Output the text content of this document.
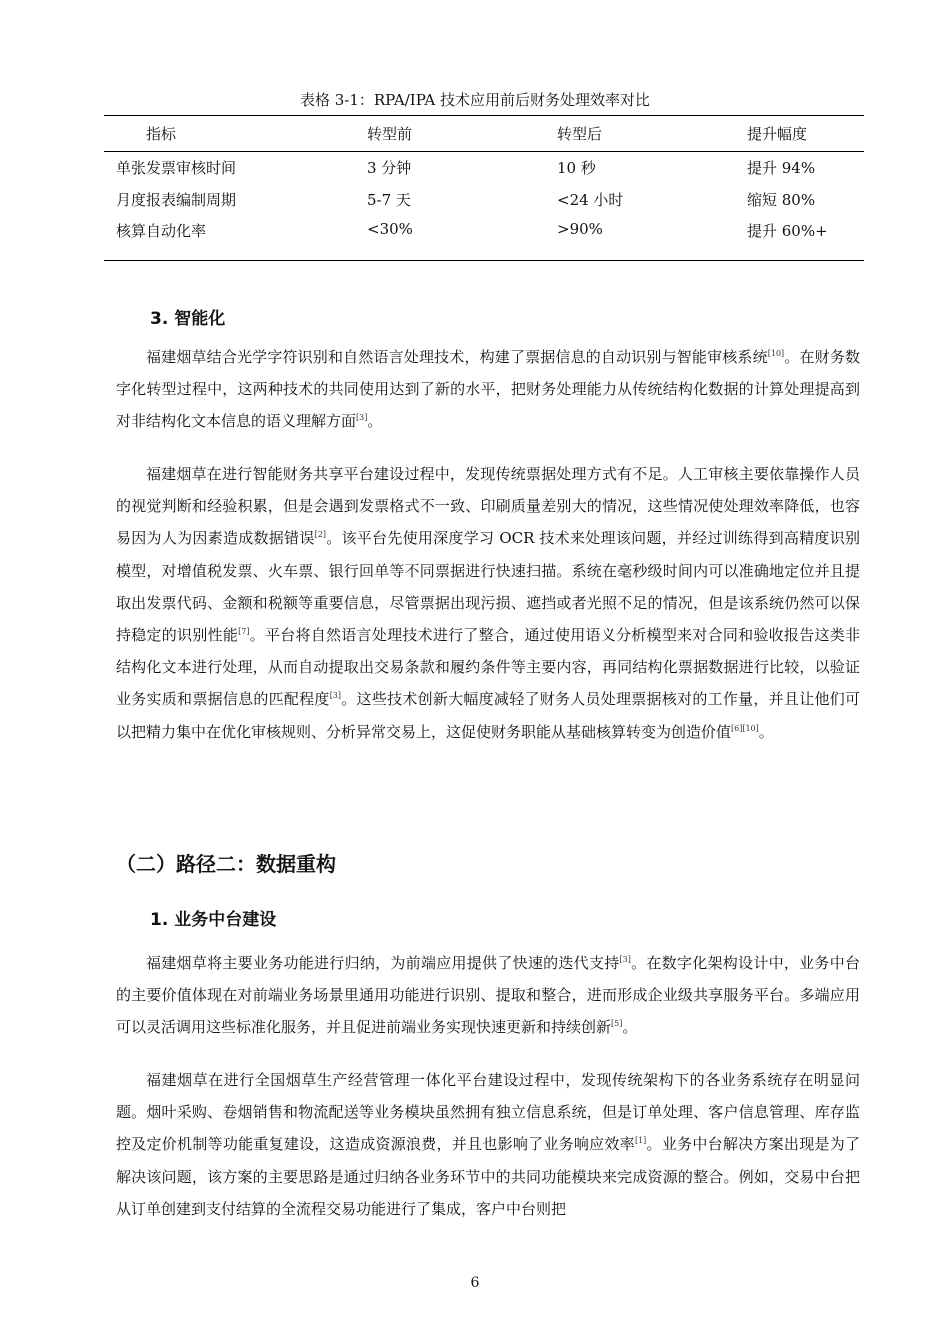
表格 3-1：RPA/IPA 技术应用前后财务处理效率对比
指标	转型前	转型后	提升幅度
单张发票审核时间	3 分钟	10 秒	提升 94%
月度报表编制周期	5-7 天	<24 小时	缩短 80%
核算自动化率	<30%	>90%	提升 60%+
3. 智能化

福建烟草结合光学字符识别和自然语言处理技术，构建了票据信息的自动识别与智能审核系统[10]。在财务数字化转型过程中，这两种技术的共同使用达到了新的水平，把财务处理能力从传统结构化数据的计算处理提高到对非结构化文本信息的语义理解方面[3]。

福建烟草在进行智能财务共享平台建设过程中，发现传统票据处理方式有不足。人工审核主要依靠操作人员的视觉判断和经验积累，但是会遇到发票格式不一致、印刷质量差别大的情况，这些情况使处理效率降低，也容易因为人为因素造成数据错误[2]。该平台先使用深度学习 OCR 技术来处理该问题，并经过训练得到高精度识别模型，对增值税发票、火车票、银行回单等不同票据进行快速扫描。系统在毫秒级时间内可以准确地定位并且提取出发票代码、金额和税额等重要信息，尽管票据出现污损、遮挡或者光照不足的情况，但是该系统仍然可以保持稳定的识别性能[7]。平台将自然语言处理技术进行了整合，通过使用语义分析模型来对合同和验收报告这类非结构化文本进行处理，从而自动提取出交易条款和履约条件等主要内容，再同结构化票据数据进行比较，以验证业务实质和票据信息的匹配程度[3]。这些技术创新大幅度减轻了财务人员处理票据核对的工作量，并且让他们可以把精力集中在优化审核规则、分析异常交易上，这促使财务职能从基础核算转变为创造价值[6][10]。

（二）路径二：数据重构
1. 业务中台建设

福建烟草将主要业务功能进行归纳，为前端应用提供了快速的迭代支持[3]。在数字化架构设计中，业务中台的主要价值体现在对前端业务场景里通用功能进行识别、提取和整合，进而形成企业级共享服务平台。多端应用可以灵活调用这些标准化服务，并且促进前端业务实现快速更新和持续创新[5]。

福建烟草在进行全国烟草生产经营管理一体化平台建设过程中，发现传统架构下的各业务系统存在明显问题。烟叶采购、卷烟销售和物流配送等业务模块虽然拥有独立信息系统，但是订单处理、客户信息管理、库存监控及定价机制等功能重复建设，这造成资源浪费，并且也影响了业务响应效率[1]。业务中台解决方案出现是为了解决该问题，该方案的主要思路是通过归纳各业务环节中的共同功能模块来完成资源的整合。例如，交易中台把从订单创建到支付结算的全流程交易功能进行了集成，客户中台则把

6
